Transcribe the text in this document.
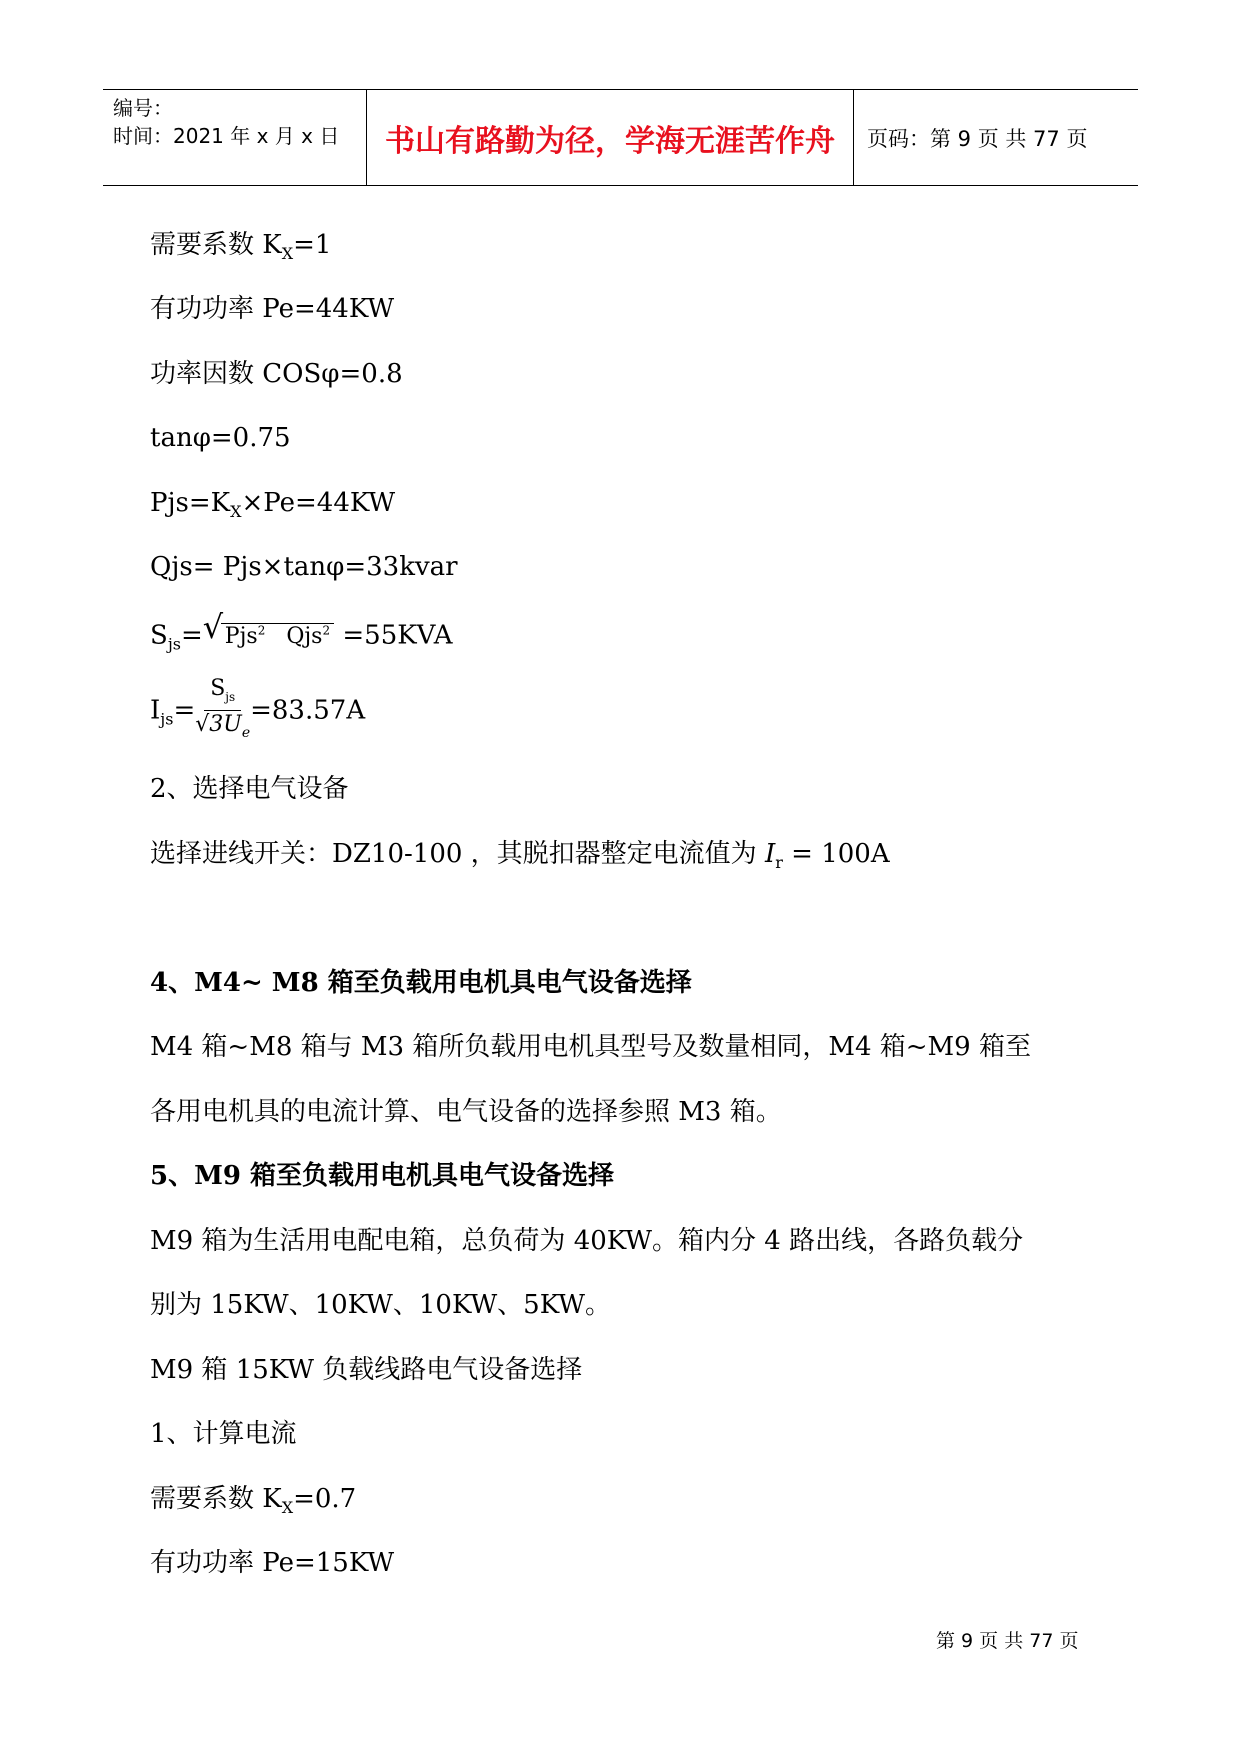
编号：
时间：2021 年 x 月 x 日	书山有路勤为径，学海无涯苦作舟	页码：第 9 页 共 77 页
需要系数 $K_X=1$
有功功率 Pe=44KW
功率因数 COSφ=0.8
tanφ=0.75
$Pjs=K_X\times Pe=44KW$
Qjs= Pjs×tanφ=33kvar
$S_{js}=$ √ Pjs$^2$ Qjs$^2$ =55KVA
$I_{js}= \frac{S_{js}}{√3U_e} =83.57A$
2、选择电气设备
选择进线开关：DZ10-100 ，其脱扣器整定电流值为 $I_r = 100A$
4、M4~ M8 箱至负载用电机具电气设备选择
M4 箱~M8 箱与 M3 箱所负载用电机具型号及数量相同，M4 箱~M9 箱至
各用电机具的电流计算、电气设备的选择参照 M3 箱。
5、M9 箱至负载用电机具电气设备选择
M9 箱为生活用电配电箱，总负荷为 40KW。箱内分 4 路出线，各路负载分
别为 15KW、10KW、10KW、5KW。
M9 箱 15KW 负载线路电气设备选择
1、计算电流
需要系数 $K_X=0.7$
有功功率 Pe=15KW
第 9 页 共 77 页
